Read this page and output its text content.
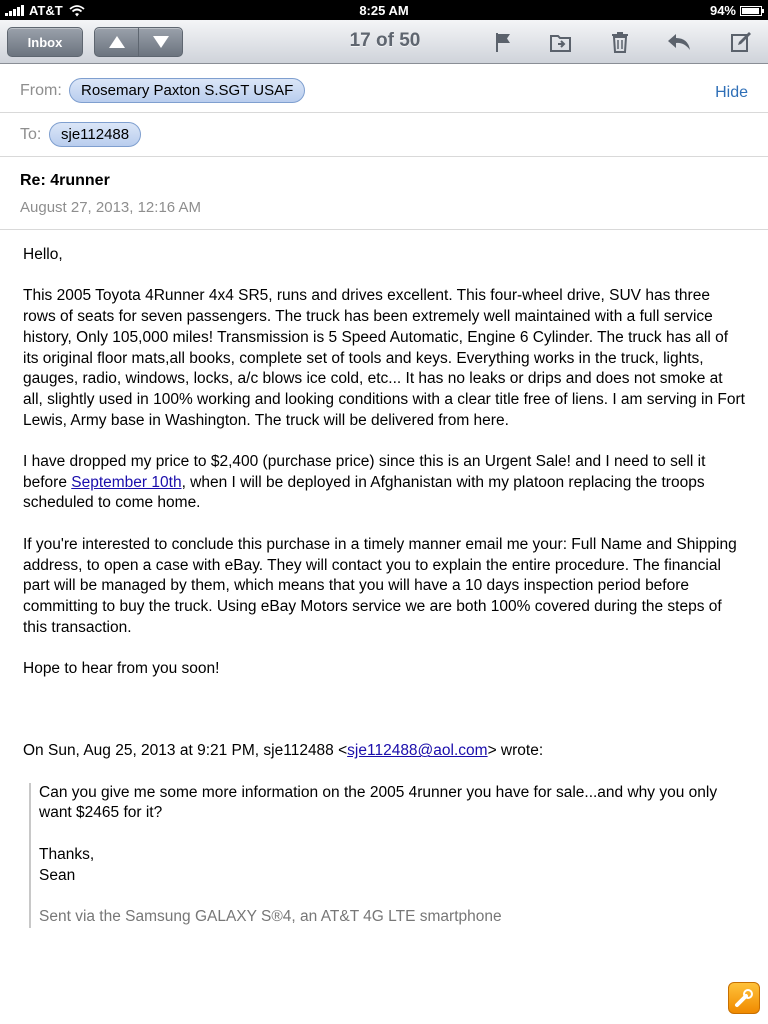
AT&T	8:25 AM	94%
Inbox	17 of 50
From:	Rosemary Paxton S.SGT USAF	Hide
To:	sje112488
Re: 4runner
August 27, 2013, 12:16 AM

Hello,

This 2005 Toyota 4Runner 4x4 SR5, runs and drives excellent. This four-wheel drive, SUV has three rows of seats for seven passengers. The truck has been extremely well maintained with a full service history, Only 105,000 miles! Transmission is 5 Speed Automatic, Engine 6 Cylinder. The truck has all of its original floor mats,all books, complete set of tools and keys. Everything works in the truck, lights, gauges, radio, windows, locks, a/c blows ice cold, etc... It has no leaks or drips and does not smoke at all, slightly used in 100% working and looking conditions with a clear title free of liens. I am serving in Fort Lewis, Army base in Washington. The truck will be delivered from here.

I have dropped my price to $2,400 (purchase price) since this is an Urgent Sale! and I need to sell it before September 10th, when I will be deployed in Afghanistan with my platoon replacing the troops scheduled to come home.

If you're interested to conclude this purchase in a timely manner email me your: Full Name and Shipping address, to open a case with eBay. They will contact you to explain the entire procedure. The financial part will be managed by them, which means that you will have a 10 days inspection period before committing to buy the truck. Using eBay Motors service we are both 100% covered during the steps of this transaction.

Hope to hear from you soon!

On Sun, Aug 25, 2013 at 9:21 PM, sje112488 <sje112488@aol.com> wrote:

Can you give me some more information on the 2005 4runner you have for sale...and why you only want $2465 for it?

Thanks,

Sean

Sent via the Samsung GALAXY S®4, an AT&T 4G LTE smartphone
